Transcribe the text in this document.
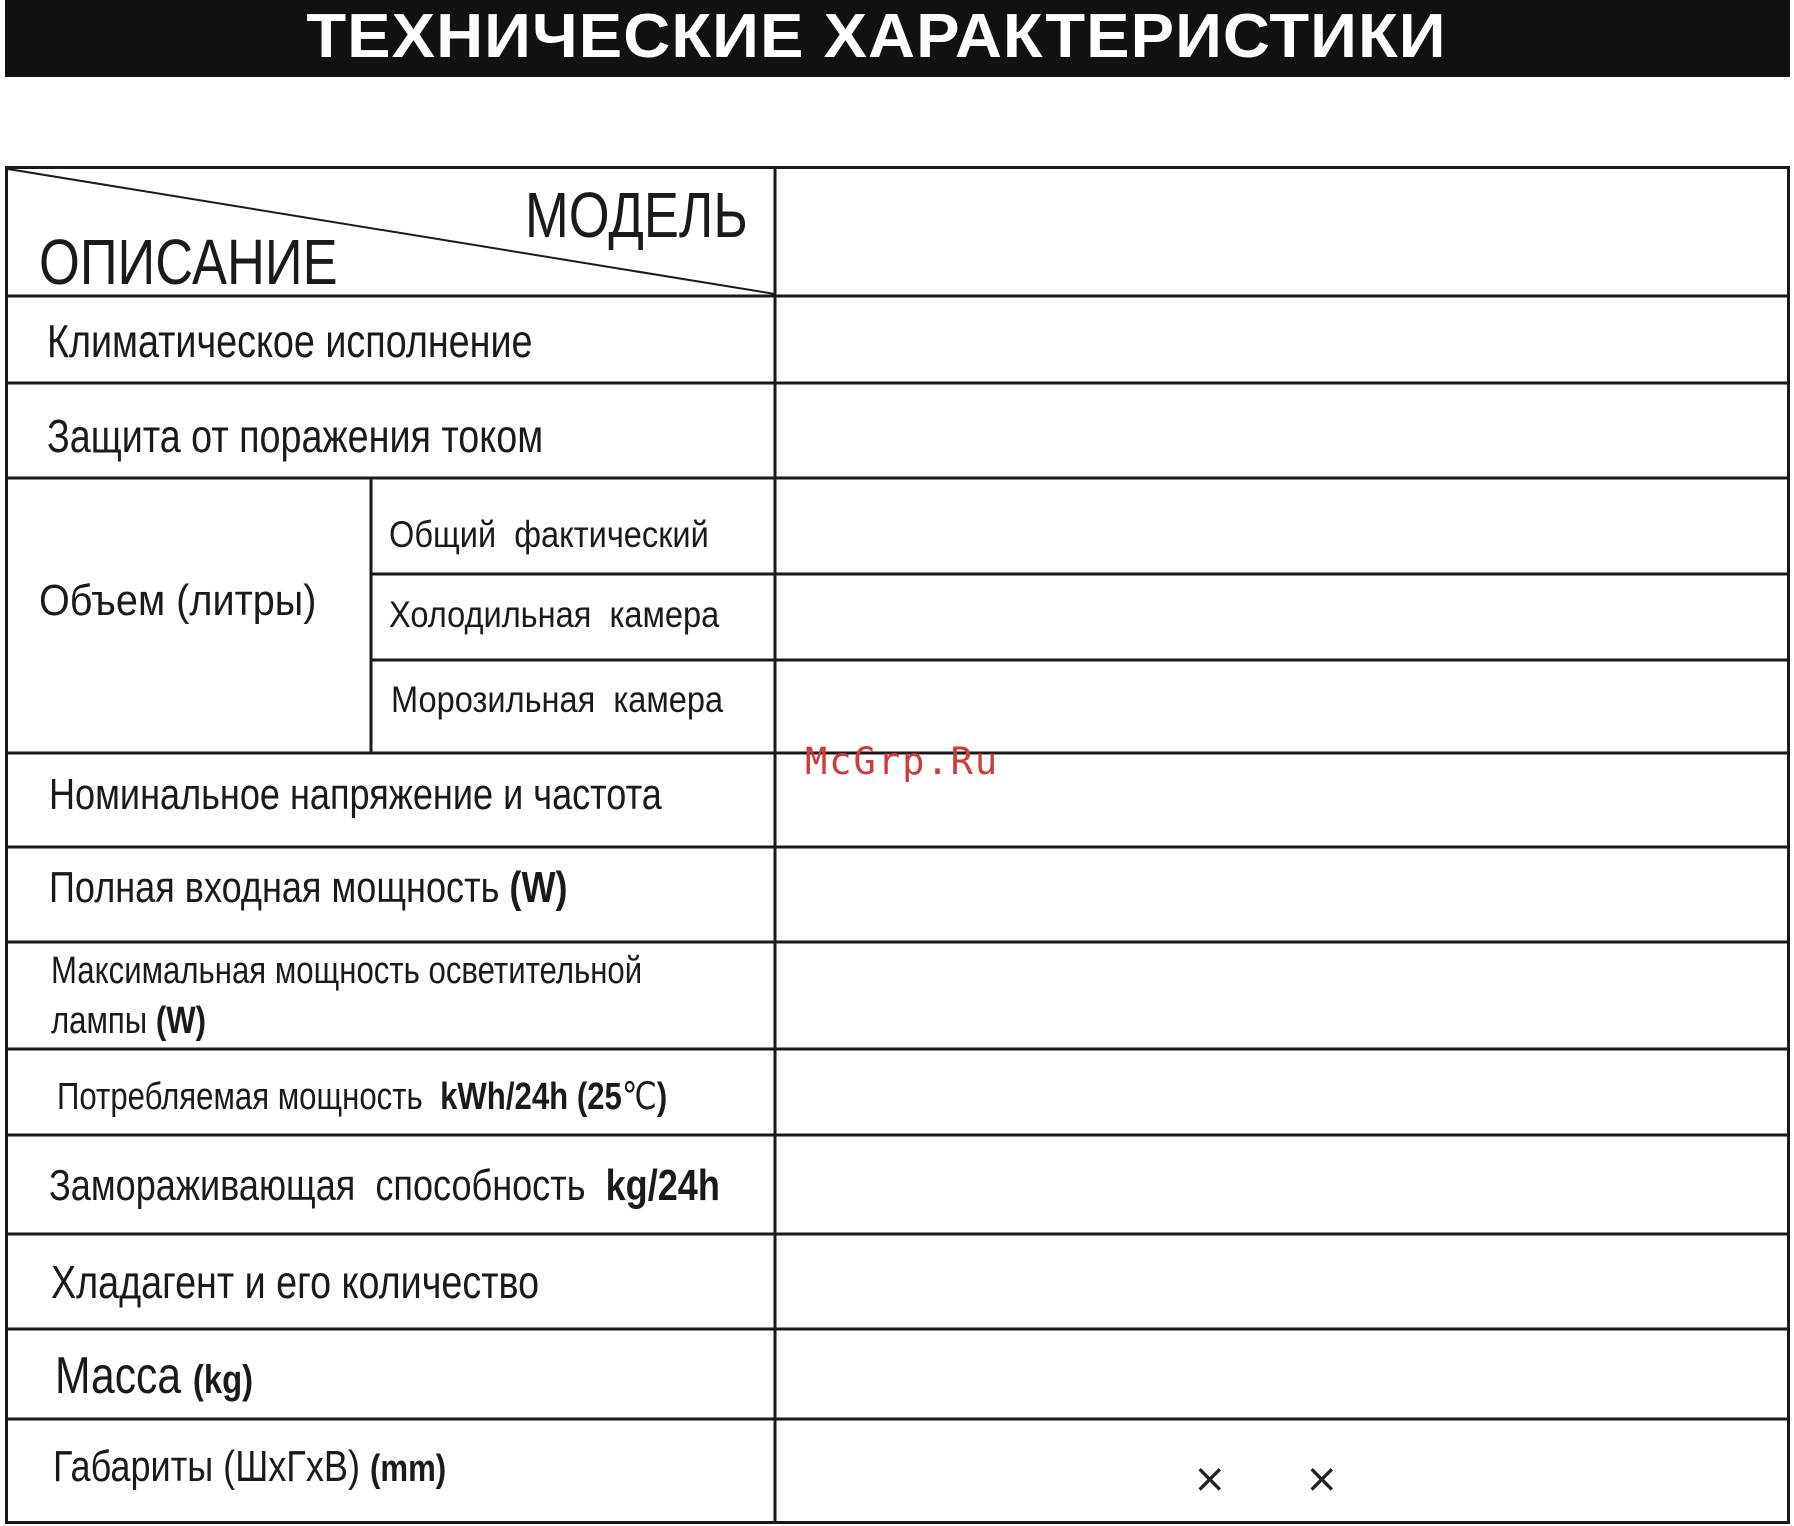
ТЕХНИЧЕСКИЕ ХАРАКТЕРИСТИКИ
МОДЕЛЬ
ОПИСАНИЕ
Климатическое исполнение
Защита от поражения током
Объем (литры)
Общий  фактический
Холодильная  камера
Морозильная  камера
Номинальное напряжение и частота
Полная входная мощность (W)
Максимальная мощность осветительной
лампы (W)
Потребляемая мощность  kWh/24h (25℃)
Замораживающая  способность  kg/24h
Хладагент и его количество
Масса (kg)
Габариты (ШхГхВ) (mm)	× ×
McGrp.Ru
